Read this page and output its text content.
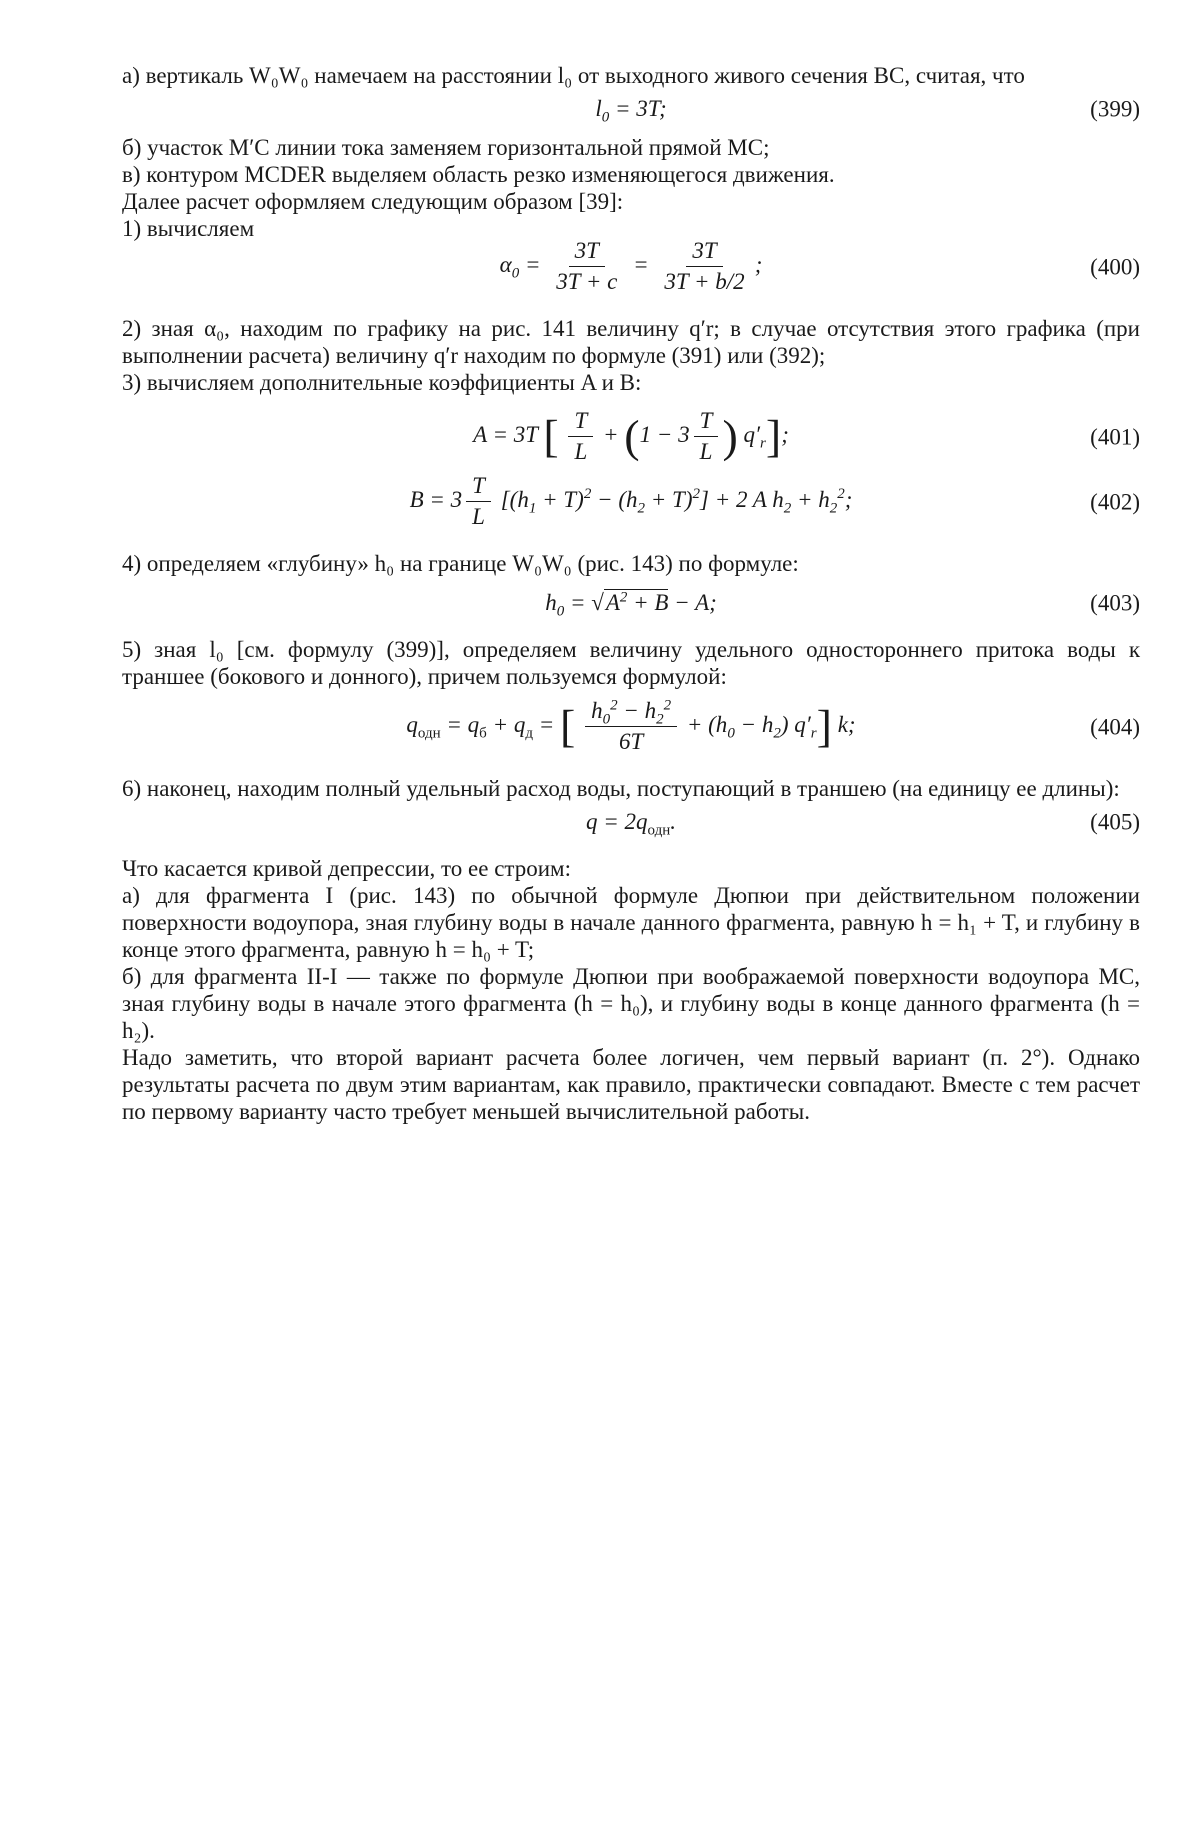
а) вертикаль W₀W₀ намечаем на расстоянии l₀ от выходного живого сечения BC, считая, что

$l_0 = 3T$;	(399)

б) участок M′C линии тока заменяем горизонтальной прямой MC;

в) контуром MCDER выделяем область резко изменяющегося движения.

Далее расчет оформляем следующим образом [39]:

1) вычисляем

$\alpha_0 = \frac{3T}{3T + c} = \frac{3T}{3T + b/2}$ ;	(400)

2) зная α₀, находим по графику на рис. 141 величину q′r; в случае отсутствия этого графика (при выполнении расчета) величину q′r находим по формуле (391) или (392);

3) вычисляем дополнительные коэффициенты A и B:

A = 3T [ $\frac{T}{L} + (1 - 3 \frac{T}{L}$ ) $q'_r$];	(401)
$B = 3 \frac{T}{L} [(h_1 + T)^2 - (h_2 + T)^2] + 2$ A $h_2 + h_2^2$;	(402)

4) определяем «глубину» h₀ на границе W₀W₀ (рис. 143) по формуле:

$h_0 = √A^2 + B - A$;	(403)

5) зная l₀ [см. формулу (399)], определяем величину удельного одностороннего притока воды к траншее (бокового и донного), причем пользуемся формулой:

$q_{одн} = q_б + q_д$ = [ $\frac{h_0^2 - h_2^2}{6T} + (h_0 - h_2)$ $q'_r$] k;	(404)

6) наконец, находим полный удельный расход воды, поступающий в траншею (на единицу ее длины):

$q = 2q_{одн}$.	(405)

Что касается кривой депрессии, то ее строим:

а) для фрагмента I (рис. 143) по обычной формуле Дюпюи при действительном положении поверхности водоупора, зная глубину воды в начале данного фрагмента, равную h = h₁ + T, и глубину в конце этого фрагмента, равную h = h₀ + T;

б) для фрагмента II-I — также по формуле Дюпюи при воображаемой поверхности водоупора MC, зная глубину воды в начале этого фрагмента (h = h₀), и глубину воды в конце данного фрагмента (h = h₂).

Надо заметить, что второй вариант расчета более логичен, чем первый вариант (п. 2°). Однако результаты расчета по двум этим вариантам, как правило, практически совпадают. Вместе с тем расчет по первому варианту часто требует меньшей вычислительной работы.
